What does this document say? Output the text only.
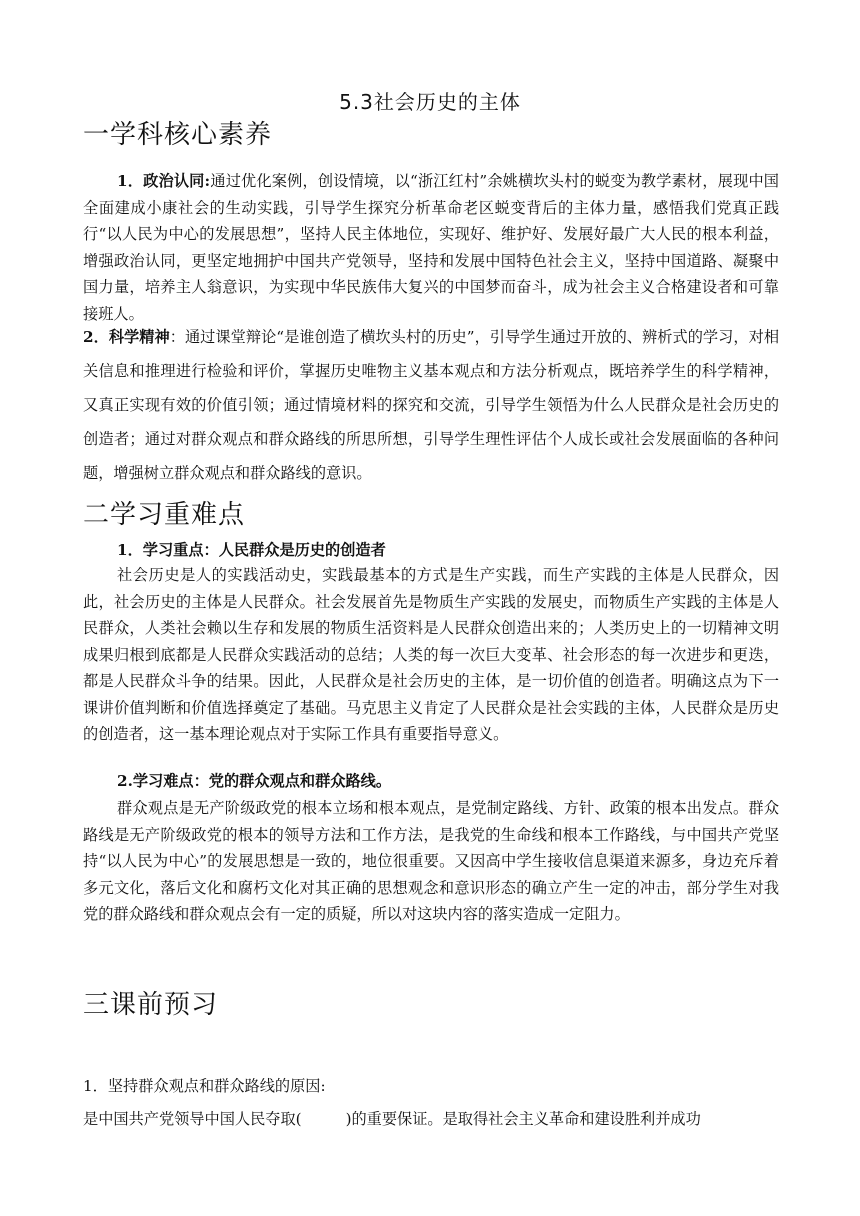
5.3社会历史的主体
一学科核心素养

1．政治认同:通过优化案例，创设情境，以“浙江红村”余姚横坎头村的蜕变为教学素材，展现中国全面建成小康社会的生动实践，引导学生探究分析革命老区蜕变背后的主体力量，感悟我们党真正践行“以人民为中心的发展思想”，坚持人民主体地位，实现好、维护好、发展好最广大人民的根本利益，增强政治认同，更坚定地拥护中国共产党领导，坚持和发展中国特色社会主义，坚持中国道路、凝聚中国力量，培养主人翁意识，为实现中华民族伟大复兴的中国梦而奋斗，成为社会主义合格建设者和可靠接班人。

2．科学精神：通过课堂辩论“是谁创造了横坎头村的历史”，引导学生通过开放的、辨析式的学习，对相关信息和推理进行检验和评价，掌握历史唯物主义基本观点和方法分析观点，既培养学生的科学精神，又真正实现有效的价值引领；通过情境材料的探究和交流，引导学生领悟为什么人民群众是社会历史的创造者；通过对群众观点和群众路线的所思所想，引导学生理性评估个人成长或社会发展面临的各种问题，增强树立群众观点和群众路线的意识。

二学习重难点
1．学习重点：人民群众是历史的创造者

社会历史是人的实践活动史，实践最基本的方式是生产实践，而生产实践的主体是人民群众，因此，社会历史的主体是人民群众。社会发展首先是物质生产实践的发展史，而物质生产实践的主体是人民群众，人类社会赖以生存和发展的物质生活资料是人民群众创造出来的；人类历史上的一切精神文明成果归根到底都是人民群众实践活动的总结；人类的每一次巨大变革、社会形态的每一次进步和更迭，都是人民群众斗争的结果。因此，人民群众是社会历史的主体，是一切价值的创造者。明确这点为下一课讲价值判断和价值选择奠定了基础。马克思主义肯定了人民群众是社会实践的主体，人民群众是历史的创造者，这一基本理论观点对于实际工作具有重要指导意义。

2.学习难点：党的群众观点和群众路线。

群众观点是无产阶级政党的根本立场和根本观点，是党制定路线、方针、政策的根本出发点。群众路线是无产阶级政党的根本的领导方法和工作方法，是我党的生命线和根本工作路线，与中国共产党坚持“以人民为中心”的发展思想是一致的，地位很重要。又因高中学生接收信息渠道来源多，身边充斥着多元文化，落后文化和腐朽文化对其正确的思想观念和意识形态的确立产生一定的冲击，部分学生对我党的群众路线和群众观点会有一定的质疑，所以对这块内容的落实造成一定阻力。

三课前预习
1．坚持群众观点和群众路线的原因:
是中国共产党领导中国人民夺取(	)的重要保证。是取得社会主义革命和建设胜利并成功
